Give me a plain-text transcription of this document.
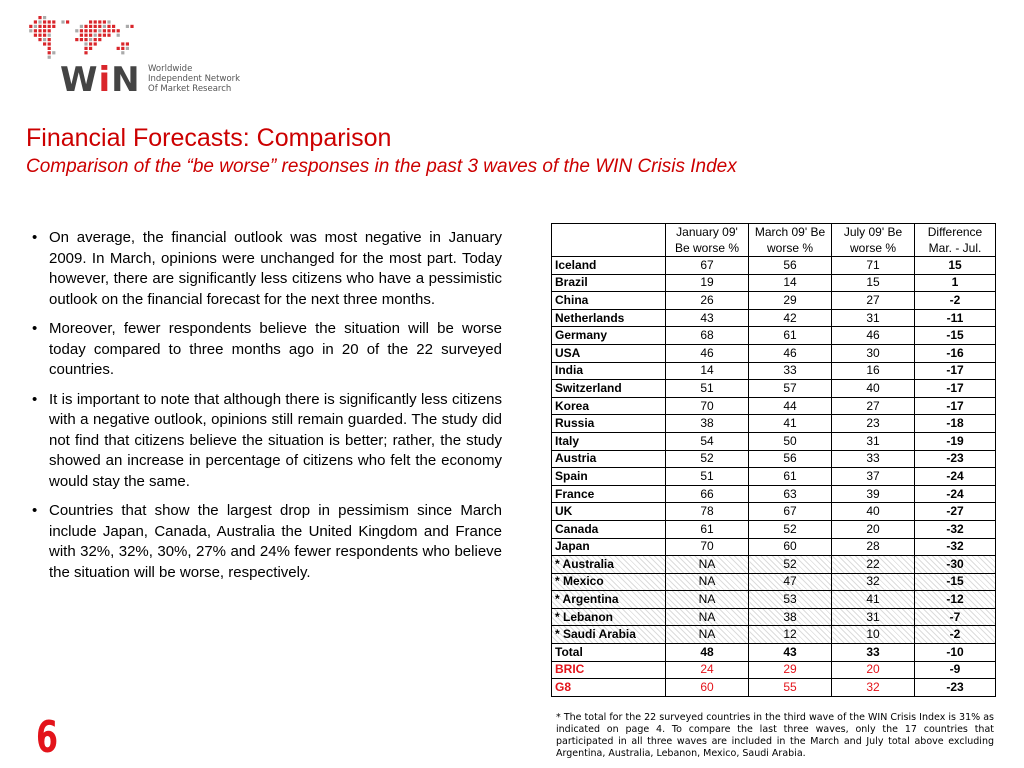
WiN Worldwide
Independent Network
Of Market Research
Financial Forecasts: Comparison
Comparison of the “be worse” responses in the past 3 waves of the WIN Crisis Index
• On average, the financial outlook was most negative in January 2009. In March, opinions were unchanged for the most part. Today however, there are significantly less citizens who have a pessimistic outlook on the financial forecast for the next three months.
• Moreover, fewer respondents believe the situation will be worse today compared to three months ago in 20 of the 22 surveyed countries.
• It is important to note that although there is significantly less citizens with a negative outlook, opinions still remain guarded. The study did not find that citizens believe the situation is better; rather, the study showed an increase in percentage of citizens who felt the economy would stay the same.
• Countries that show the largest drop in pessimism since March include Japan, Canada, Australia the United Kingdom and France with 32%, 32%, 30%, 27% and 24% fewer respondents who believe the situation will be worse, respectively.
	January 09' Be worse %	March 09' Be worse %	July 09' Be worse %	Difference Mar. - Jul.
Iceland	67	56	71	15
Brazil	19	14	15	1
China	26	29	27	-2
Netherlands	43	42	31	-11
Germany	68	61	46	-15
USA	46	46	30	-16
India	14	33	16	-17
Switzerland	51	57	40	-17
Korea	70	44	27	-17
Russia	38	41	23	-18
Italy	54	50	31	-19
Austria	52	56	33	-23
Spain	51	61	37	-24
France	66	63	39	-24
UK	78	67	40	-27
Canada	61	52	20	-32
Japan	70	60	28	-32
* Australia	NA	52	22	-30
* Mexico	NA	47	32	-15
* Argentina	NA	53	41	-12
* Lebanon	NA	38	31	-7
* Saudi Arabia	NA	12	10	-2
Total	48	43	33	-10
BRIC	24	29	20	-9
G8	60	55	32	-23
* The total for the 22 surveyed countries in the third wave of the WIN Crisis Index is 31% as indicated on page 4. To compare the last three waves, only the 17 countries that participated in all three waves are included in the March and July total above excluding Argentina, Australia, Lebanon, Mexico, Saudi Arabia.
6
